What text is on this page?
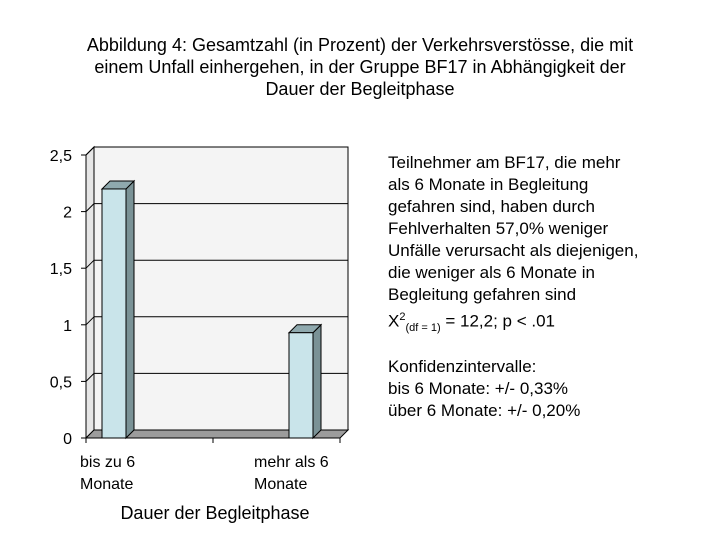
Abbildung 4: Gesamtzahl (in Prozent) der Verkehrsverstösse, die mit
einem Unfall einhergehen, in der Gruppe BF17 in Abhängigkeit der
Dauer der Begleitphase
0
0,5
1
1,5
2
2,5
bis zu 6
Monate
mehr als 6
Monate
Dauer der Begleitphase
Teilnehmer am BF17, die mehr
als 6 Monate in Begleitung
gefahren sind, haben durch
Fehlverhalten 57,0% weniger
Unfälle verursacht als diejenigen,
die weniger als 6 Monate in
Begleitung gefahren sind
$X^2_{(df = 1)} = 12,2$; p < .01
Konfidenzintervalle:
bis 6 Monate: +/- 0,33%
über 6 Monate: +/- 0,20%
